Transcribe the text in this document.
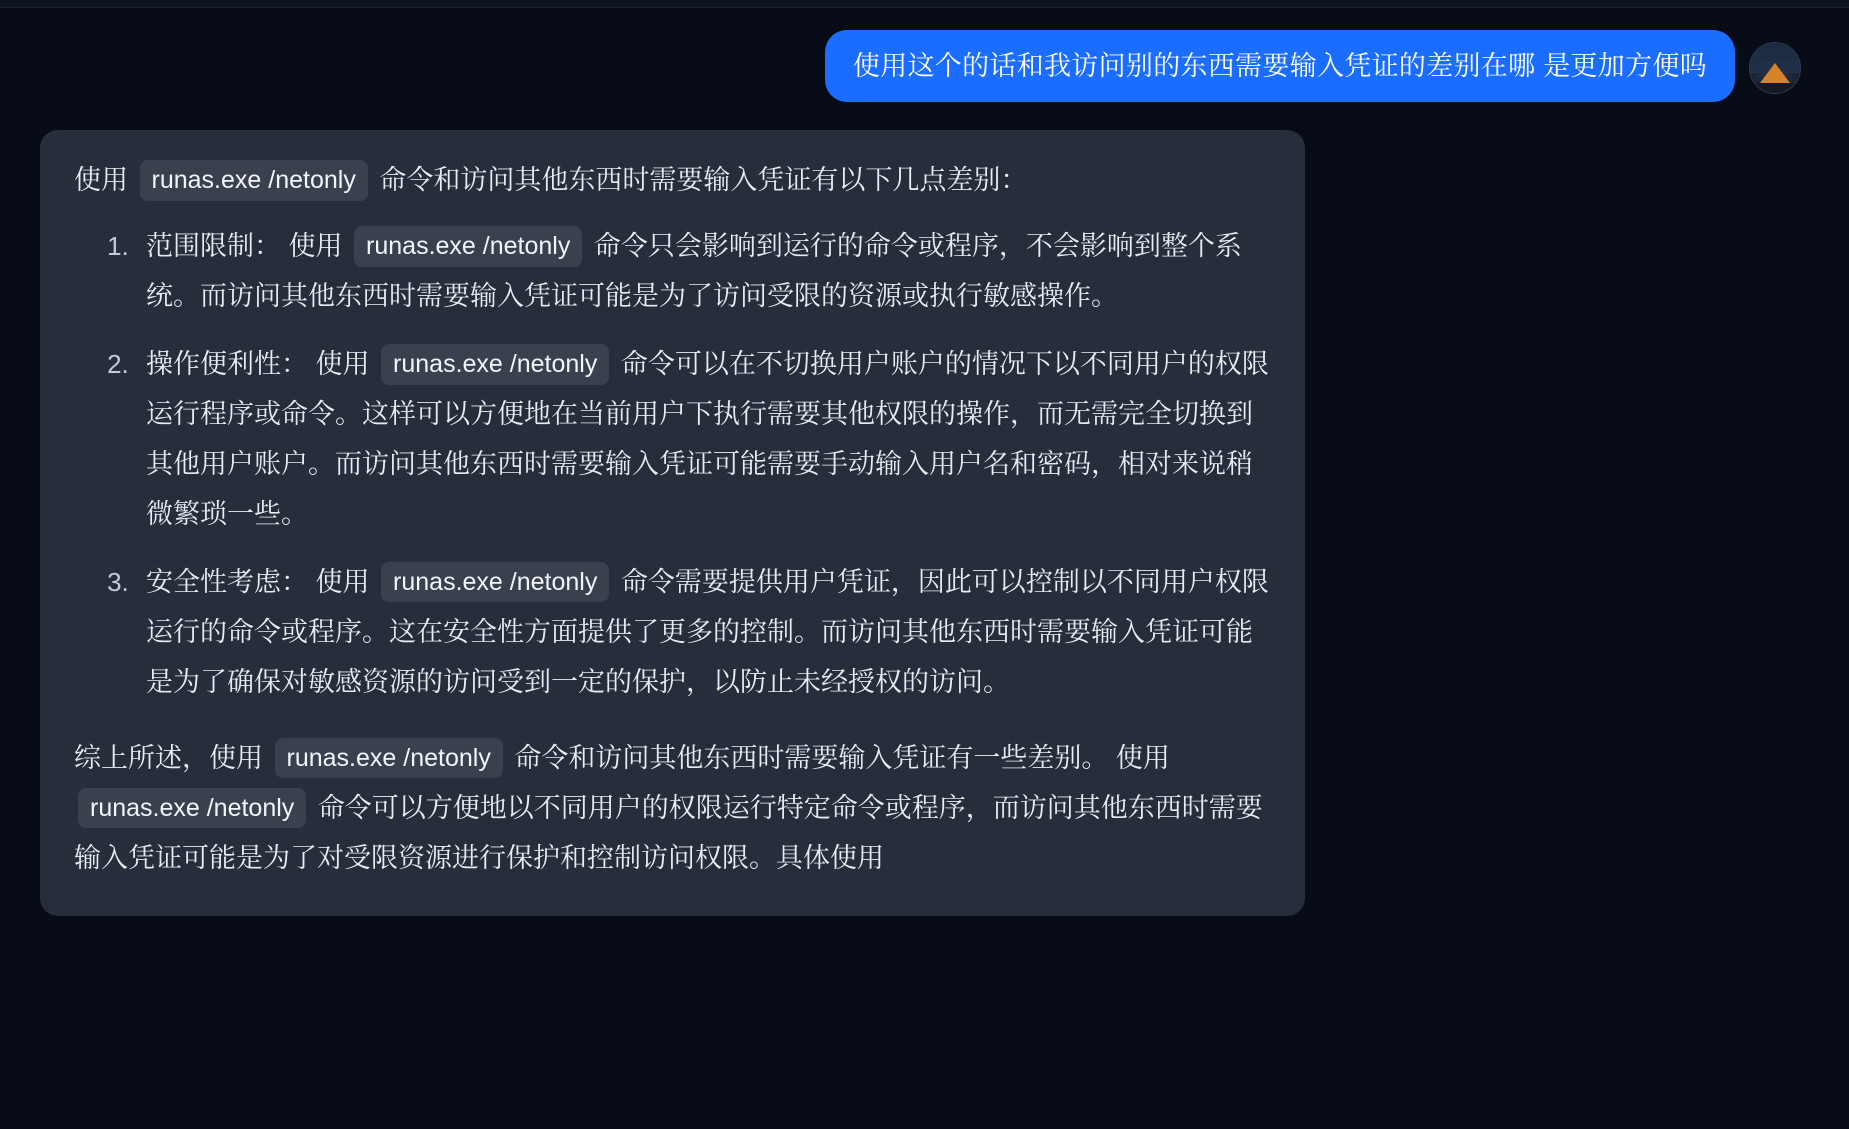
使用这个的话和我访问别的东西需要输入凭证的差别在哪 是更加方便吗

使用 runas.exe /netonly 命令和访问其他东西时需要输入凭证有以下几点差别：

1. 范围限制： 使用 runas.exe /netonly 命令只会影响到运行的命令或程序，不会影响到整个系统。而访问其他东西时需要输入凭证可能是为了访问受限的资源或执行敏感操作。
2. 操作便利性： 使用 runas.exe /netonly 命令可以在不切换用户账户的情况下以不同用户的权限运行程序或命令。这样可以方便地在当前用户下执行需要其他权限的操作，而无需完全切换到其他用户账户。而访问其他东西时需要输入凭证可能需要手动输入用户名和密码，相对来说稍微繁琐一些。
3. 安全性考虑： 使用 runas.exe /netonly 命令需要提供用户凭证，因此可以控制以不同用户权限运行的命令或程序。这在安全性方面提供了更多的控制。而访问其他东西时需要输入凭证可能是为了确保对敏感资源的访问受到一定的保护，以防止未经授权的访问。

综上所述，使用 runas.exe /netonly 命令和访问其他东西时需要输入凭证有一些差别。 使用 runas.exe /netonly 命令可以方便地以不同用户的权限运行特定命令或程序，而访问其他东西时需要输入凭证可能是为了对受限资源进行保护和控制访问权限。具体使用
